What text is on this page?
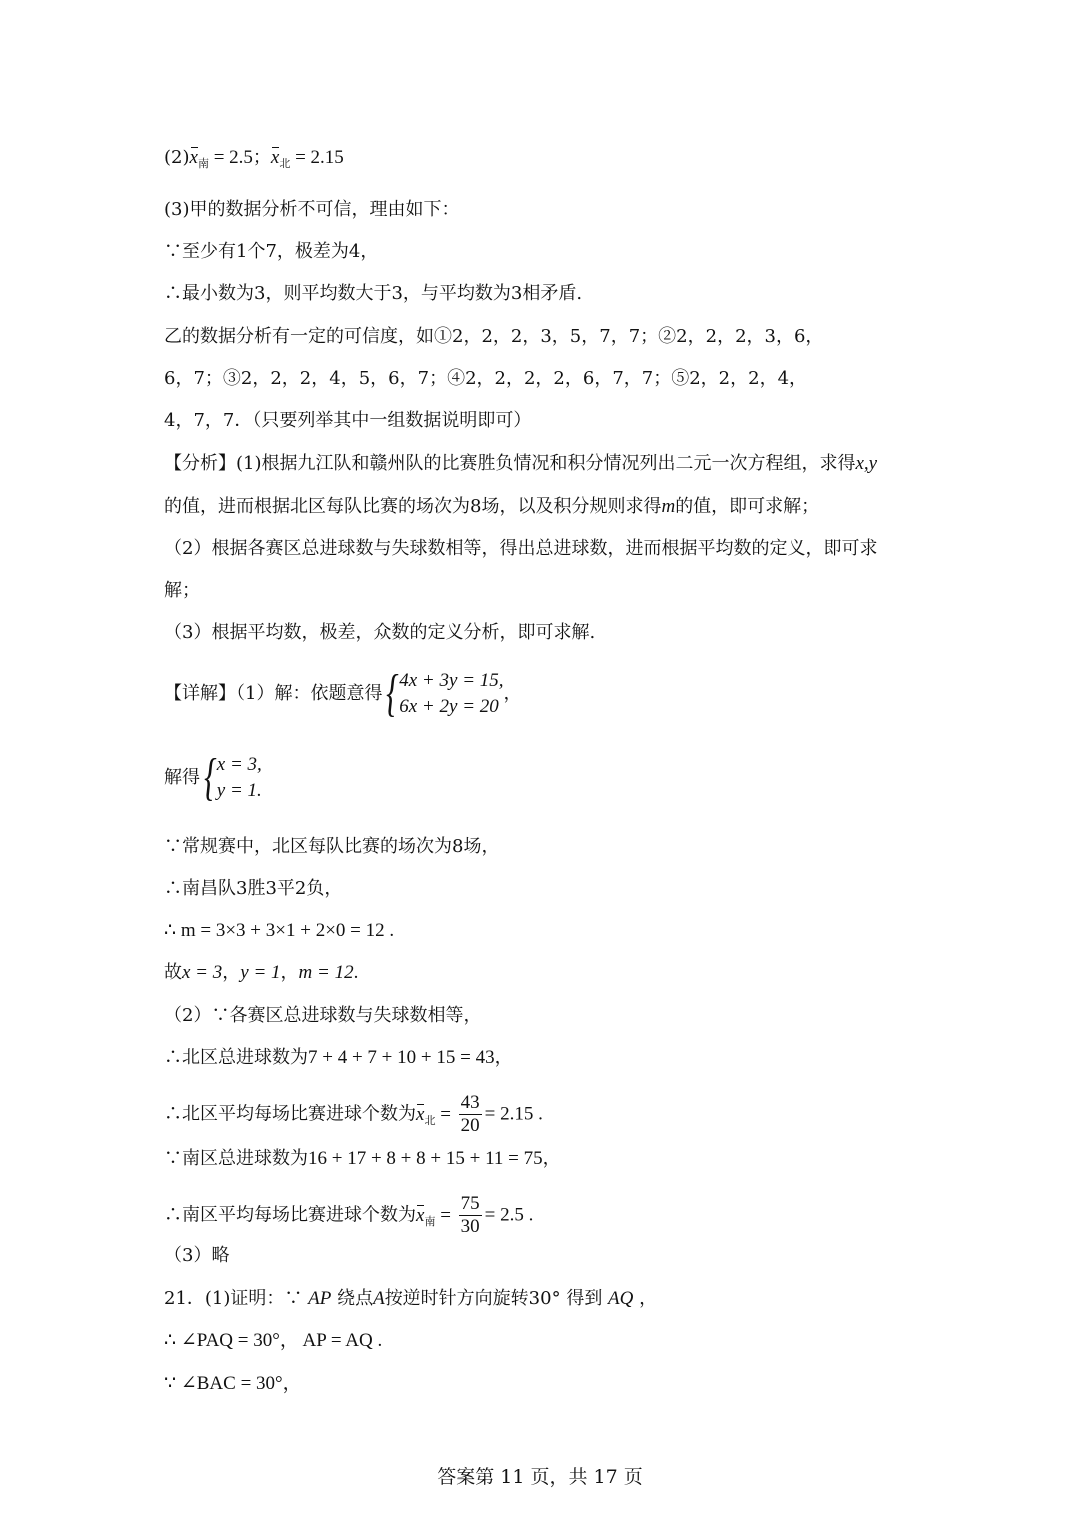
$(2)x_南 = 2.5$；$x_北 = 2.15$
(3)甲的数据分析不可信，理由如下：
∵至少有1个7，极差为4，
∴最小数为3，则平均数大于3，与平均数为3相矛盾.
乙的数据分析有一定的可信度，如①2，2，2，3，5，7，7；②2，2，2，3，6，
6，7；③2，2，2，4，5，6，7；④2，2，2，2，6，7，7；⑤2，2，2，4，
4，7，7．（只要列举其中一组数据说明即可）
【分析】(1)根据九江队和赣州队的比赛胜负情况和积分情况列出二元一次方程组，求得x,y
的值，进而根据北区每队比赛的场次为8场，以及积分规则求得m的值，即可求解；
（2）根据各赛区总进球数与失球数相等，得出总进球数，进而根据平均数的定义，即可求
解；
（3）根据平均数，极差，众数的定义分析，即可求解.
【详解】（1）解：依题意得 { 4x + 3y = 15,
6x + 2y = 20
，
解得 { x = 3,
y = 1.
∵常规赛中，北区每队比赛的场次为8场，
∴南昌队3胜3平2负，
∴ m = 3×3 + 3×1 + 2×0 = 12 .
故x = 3，y = 1，m = 12.
（2）∵各赛区总进球数与失球数相等，
∴北区总进球数为7 + 4 + 7 + 10 + 15 = 43，
∴北区平均每场比赛进球个数为$x_北 = \frac{43}{20} = 2.15$ .
∵南区总进球数为16 + 17 + 8 + 8 + 15 + 11 = 75，
∴南区平均每场比赛进球个数为$x_南 = \frac{75}{30} = 2.5$ .
（3）略
21．(1)证明：∵ AP 绕点A按逆时针方向旋转30° 得到 AQ ，
∴ ∠PAQ = 30°， AP = AQ .
∵ ∠BAC = 30°，
答案第 11 页，共 17 页
